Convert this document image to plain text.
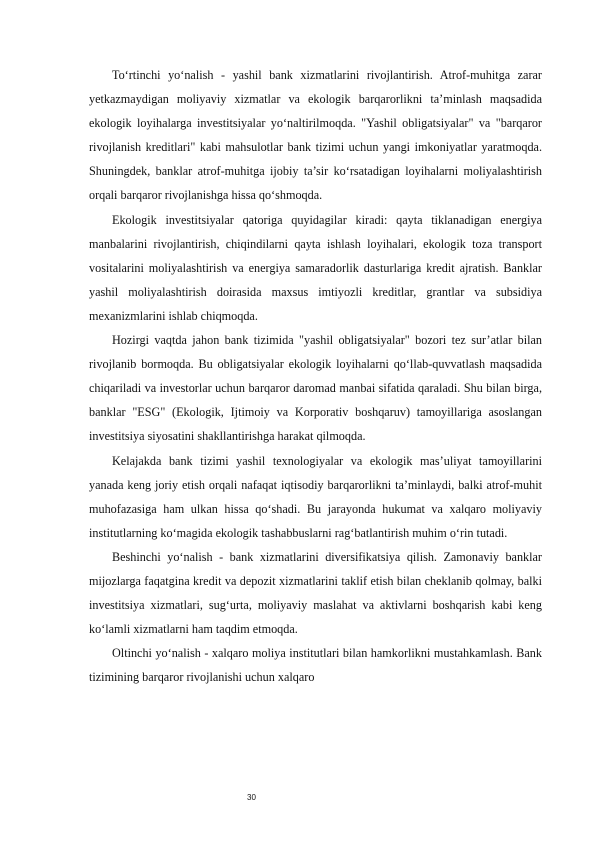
To‘rtinchi yo‘nalish - yashil bank xizmatlarini rivojlantirish. Atrof-muhitga zarar yetkazmaydigan moliyaviy xizmatlar va ekologik barqarorlikni ta’minlash maqsadida ekologik loyihalarga investitsiyalar yo‘naltirilmoqda. "Yashil obligatsiyalar" va "barqaror rivojlanish kreditlari" kabi mahsulotlar bank tizimi uchun yangi imkoniyatlar yaratmoqda. Shuningdek, banklar atrof-muhitga ijobiy ta’sir ko‘rsatadigan loyihalarni moliyalashtirish orqali barqaror rivojlanishga hissa qo‘shmoqda.

Ekologik investitsiyalar qatoriga quyidagilar kiradi: qayta tiklanadigan energiya manbalarini rivojlantirish, chiqindilarni qayta ishlash loyihalari, ekologik toza transport vositalarini moliyalashtirish va energiya samaradorlik dasturlariga kredit ajratish. Banklar yashil moliyalashtirish doirasida maxsus imtiyozli kreditlar, grantlar va subsidiya mexanizmlarini ishlab chiqmoqda.

Hozirgi vaqtda jahon bank tizimida "yashil obligatsiyalar" bozori tez sur’atlar bilan rivojlanib bormoqda. Bu obligatsiyalar ekologik loyihalarni qo‘llab-quvvatlash maqsadida chiqariladi va investorlar uchun barqaror daromad manbai sifatida qaraladi. Shu bilan birga, banklar "ESG" (Ekologik, Ijtimoiy va Korporativ boshqaruv) tamoyillariga asoslangan investitsiya siyosatini shakllantirishga harakat qilmoqda.

Kelajakda bank tizimi yashil texnologiyalar va ekologik mas’uliyat tamoyillarini yanada keng joriy etish orqali nafaqat iqtisodiy barqarorlikni ta’minlaydi, balki atrof-muhit muhofazasiga ham ulkan hissa qo‘shadi. Bu jarayonda hukumat va xalqaro moliyaviy institutlarning ko‘magida ekologik tashabbuslarni rag‘batlantirish muhim o‘rin tutadi.

Beshinchi yo‘nalish - bank xizmatlarini diversifikatsiya qilish. Zamonaviy banklar mijozlarga faqatgina kredit va depozit xizmatlarini taklif etish bilan cheklanib qolmay, balki investitsiya xizmatlari, sug‘urta, moliyaviy maslahat va aktivlarni boshqarish kabi keng ko‘lamli xizmatlarni ham taqdim etmoqda.

Oltinchi yo‘nalish - xalqaro moliya institutlari bilan hamkorlikni mustahkamlash. Bank tizimining barqaror rivojlanishi uchun xalqaro

30
